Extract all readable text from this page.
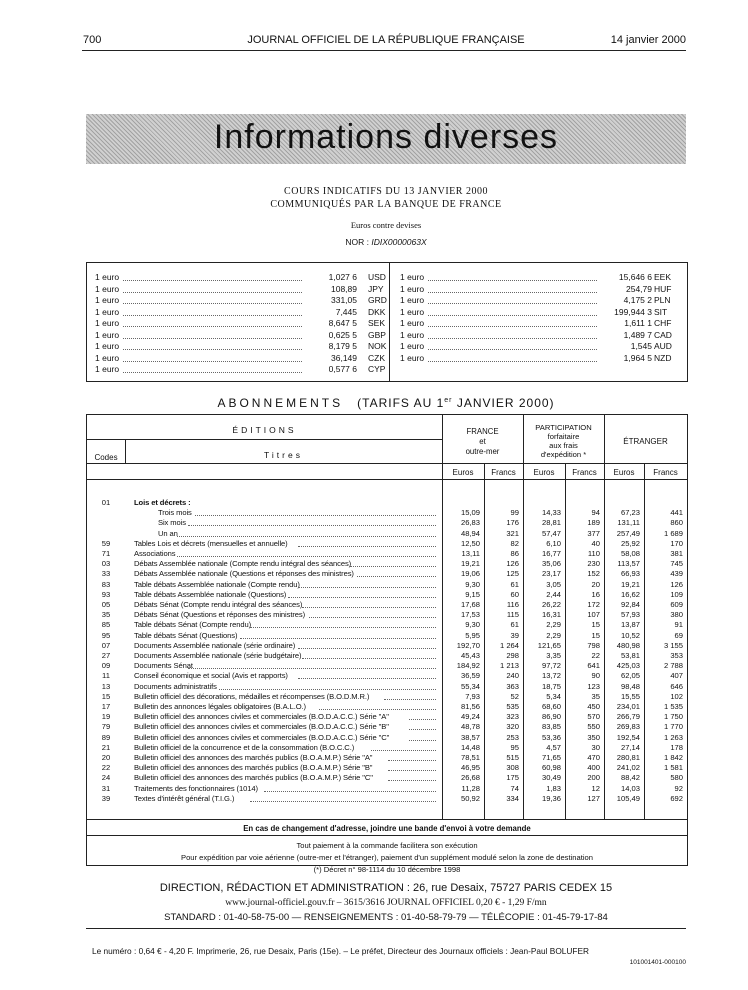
700	JOURNAL OFFICIEL DE LA RÉPUBLIQUE FRANÇAISE	14 janvier 2000
Informations diverses
COURS INDICATIFS DU 13 JANVIER 2000
COMMUNIQUÉS PAR LA BANQUE DE FRANCE
Euros contre devises
NOR : IDIX0000063X
1 euro	1,027 6 USD
1 euro	108,89 JPY
1 euro	331,05 GRD
1 euro	7,445 DKK
1 euro	8,647 5 SEK
1 euro	0,625 5 GBP
1 euro	8,179 5 NOK
1 euro	36,149 CZK
1 euro	0,577 6 CYP
1 euro	15,646 6 EEK
1 euro	254,79 HUF
1 euro	4,175 2 PLN
1 euro	199,944 3 SIT
1 euro	1,611 1 CHF
1 euro	1,489 7 CAD
1 euro	1,545 AUD
1 euro	1,964 5 NZD
ABONNEMENTS (TARIFS AU 1er JANVIER 2000)
ÉDITIONS
Codes	Titres
FRANCE
et
outre-mer
PARTICIPATION
forfaitaire
aux frais
d'expédition *
ÉTRANGER
Euros	Francs	Euros	Francs	Euros	Francs
01	Lois et décrets :
Trois mois	15,09	99	14,33	94	67,23	441
Six mois	26,83	176	28,81	189	131,11	860
Un an	48,94	321	57,47	377	257,49	1 689
59	Tables Lois et décrets (mensuelles et annuelle)	12,50	82	6,10	40	25,92	170
71	Associations	13,11	86	16,77	110	58,08	381
03	Débats Assemblée nationale (Compte rendu intégral des séances)	19,21	126	35,06	230	113,57	745
33	Débats Assemblée nationale (Questions et réponses des ministres)	19,06	125	23,17	152	66,93	439
83	Table débats Assemblée nationale (Compte rendu)	9,30	61	3,05	20	19,21	126
93	Table débats Assemblée nationale (Questions)	9,15	60	2,44	16	16,62	109
05	Débats Sénat (Compte rendu intégral des séances)	17,68	116	26,22	172	92,84	609
35	Débats Sénat (Questions et réponses des ministres)	17,53	115	16,31	107	57,93	380
85	Table débats Sénat (Compte rendu)	9,30	61	2,29	15	13,87	91
95	Table débats Sénat (Questions)	5,95	39	2,29	15	10,52	69
07	Documents Assemblée nationale (série ordinaire)	192,70	1 264	121,65	798	480,98	3 155
27	Documents Assemblée nationale (série budgétaire)	45,43	298	3,35	22	53,81	353
09	Documents Sénat	184,92	1 213	97,72	641	425,03	2 788
11	Conseil économique et social (Avis et rapports)	36,59	240	13,72	90	62,05	407
13	Documents administratifs	55,34	363	18,75	123	98,48	646
15	Bulletin officiel des décorations, médailles et récompenses (B.O.D.M.R.)	7,93	52	5,34	35	15,55	102
17	Bulletin des annonces légales obligatoires (B.A.L.O.)	81,56	535	68,60	450	234,01	1 535
19	Bulletin officiel des annonces civiles et commerciales (B.O.D.A.C.C.) Série "A"	49,24	323	86,90	570	266,79	1 750
79	Bulletin officiel des annonces civiles et commerciales (B.O.D.A.C.C.) Série "B"	48,78	320	83,85	550	269,83	1 770
89	Bulletin officiel des annonces civiles et commerciales (B.O.D.A.C.C.) Série "C"	38,57	253	53,36	350	192,54	1 263
21	Bulletin officiel de la concurrence et de la consommation (B.O.C.C.)	14,48	95	4,57	30	27,14	178
20	Bulletin officiel des annonces des marchés publics (B.O.A.M.P.) Série "A"	78,51	515	71,65	470	280,81	1 842
22	Bulletin officiel des annonces des marchés publics (B.O.A.M.P.) Série "B"	46,95	308	60,98	400	241,02	1 581
24	Bulletin officiel des annonces des marchés publics (B.O.A.M.P.) Série "C"	26,68	175	30,49	200	88,42	580
31	Traitements des fonctionnaires (1014)	11,28	74	1,83	12	14,03	92
39	Textes d'intérêt général (T.I.G.)	50,92	334	19,36	127	105,49	692
En cas de changement d'adresse, joindre une bande d'envoi à votre demande
Tout paiement à la commande facilitera son exécution
Pour expédition par voie aérienne (outre-mer et l'étranger), paiement d'un supplément modulé selon la zone de destination
(*) Décret n° 98-1114 du 10 décembre 1998
DIRECTION, RÉDACTION ET ADMINISTRATION : 26, rue Desaix, 75727 PARIS CEDEX 15
www.journal-officiel.gouv.fr – 3615/3616 JOURNAL OFFICIEL 0,20 € - 1,29 F/mn
STANDARD : 01-40-58-75-00 — RENSEIGNEMENTS : 01-40-58-79-79 — TÉLÉCOPIE : 01-45-79-17-84
Le numéro : 0,64 € - 4,20 F. Imprimerie, 26, rue Desaix, Paris (15e). – Le préfet, Directeur des Journaux officiels : Jean-Paul BOLUFER
101001401-000100
